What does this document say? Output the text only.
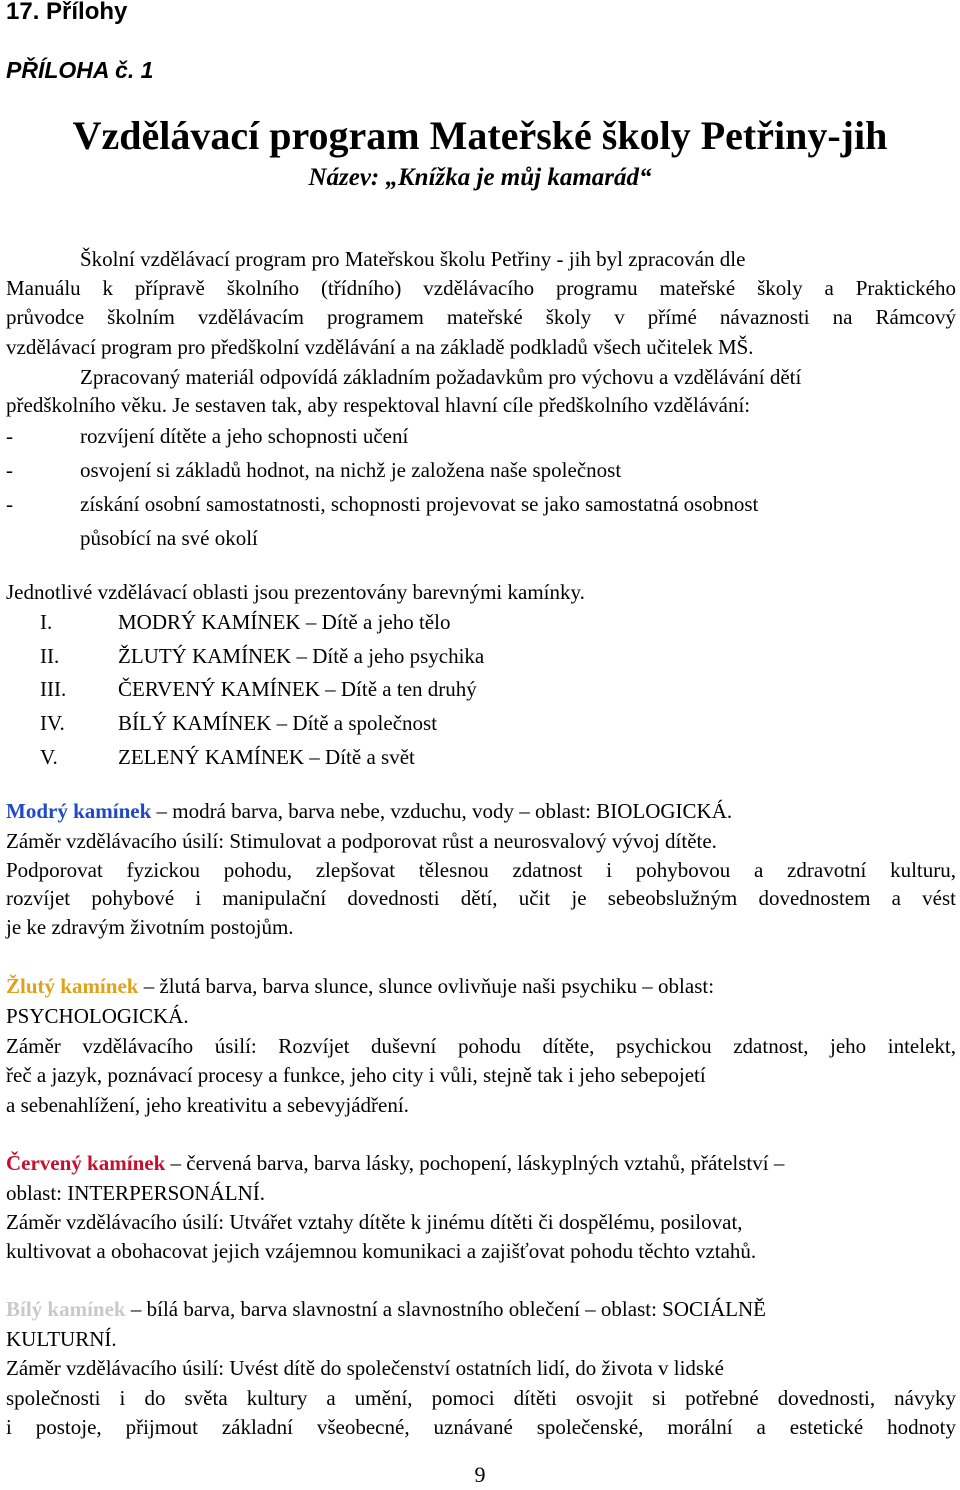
17. Přílohy
PŘÍLOHA č. 1
Vzdělávací program Mateřské školy Petřiny-jih
Název: „Knížka je můj kamarád“
Školní vzdělávací program pro Mateřskou školu Petřiny - jih byl zpracován dle
Manuálu k přípravě školního (třídního) vzdělávacího programu mateřské školy a Praktického
průvodce školním vzdělávacím programem mateřské školy v přímé návaznosti na Rámcový
vzdělávací program pro předškolní vzdělávání a na základě podkladů všech učitelek MŠ.
Zpracovaný materiál odpovídá základním požadavkům pro výchovu a vzdělávání dětí
předškolního věku. Je sestaven tak, aby respektoval hlavní cíle předškolního vzdělávání:
-	rozvíjení dítěte a jeho schopnosti učení
-	osvojení si základů hodnot, na nichž je založena naše společnost
-	získání osobní samostatnosti, schopnosti projevovat se jako samostatná osobnost
působící na své okolí
Jednotlivé vzdělávací oblasti jsou prezentovány barevnými kamínky.
I.	MODRÝ KAMÍNEK – Dítě a jeho tělo
II.	ŽLUTÝ KAMÍNEK – Dítě a jeho psychika
III.	ČERVENÝ KAMÍNEK – Dítě a ten druhý
IV.	BÍLÝ KAMÍNEK – Dítě a společnost
V.	ZELENÝ KAMÍNEK – Dítě a svět
Modrý kamínek – modrá barva, barva nebe, vzduchu, vody – oblast: BIOLOGICKÁ.
Záměr vzdělávacího úsilí: Stimulovat a podporovat růst a neurosvalový vývoj dítěte.
Podporovat fyzickou pohodu, zlepšovat tělesnou zdatnost i pohybovou a zdravotní kulturu,
rozvíjet pohybové i manipulační dovednosti dětí, učit je sebeobslužným dovednostem a vést
je ke zdravým životním postojům.
Žlutý kamínek – žlutá barva, barva slunce, slunce ovlivňuje naši psychiku – oblast:
PSYCHOLOGICKÁ.
Záměr vzdělávacího úsilí: Rozvíjet duševní pohodu dítěte, psychickou zdatnost, jeho intelekt,
řeč a jazyk, poznávací procesy a funkce, jeho city i vůli, stejně tak i jeho sebepojetí
a sebenahlížení, jeho kreativitu a sebevyjádření.
Červený kamínek – červená barva, barva lásky, pochopení, láskyplných vztahů, přátelství –
oblast: INTERPERSONÁLNÍ.
Záměr vzdělávacího úsilí: Utvářet vztahy dítěte k jinému dítěti či dospělému, posilovat,
kultivovat a obohacovat jejich vzájemnou komunikaci a zajišťovat pohodu těchto vztahů.
Bílý kamínek – bílá barva, barva slavnostní a slavnostního oblečení – oblast: SOCIÁLNĚ
KULTURNÍ.
Záměr vzdělávacího úsilí: Uvést dítě do společenství ostatních lidí, do života v lidské
společnosti i do světa kultury a umění, pomoci dítěti osvojit si potřebné dovednosti, návyky
i postoje, přijmout základní všeobecné, uznávané společenské, morální a estetické hodnoty
9
